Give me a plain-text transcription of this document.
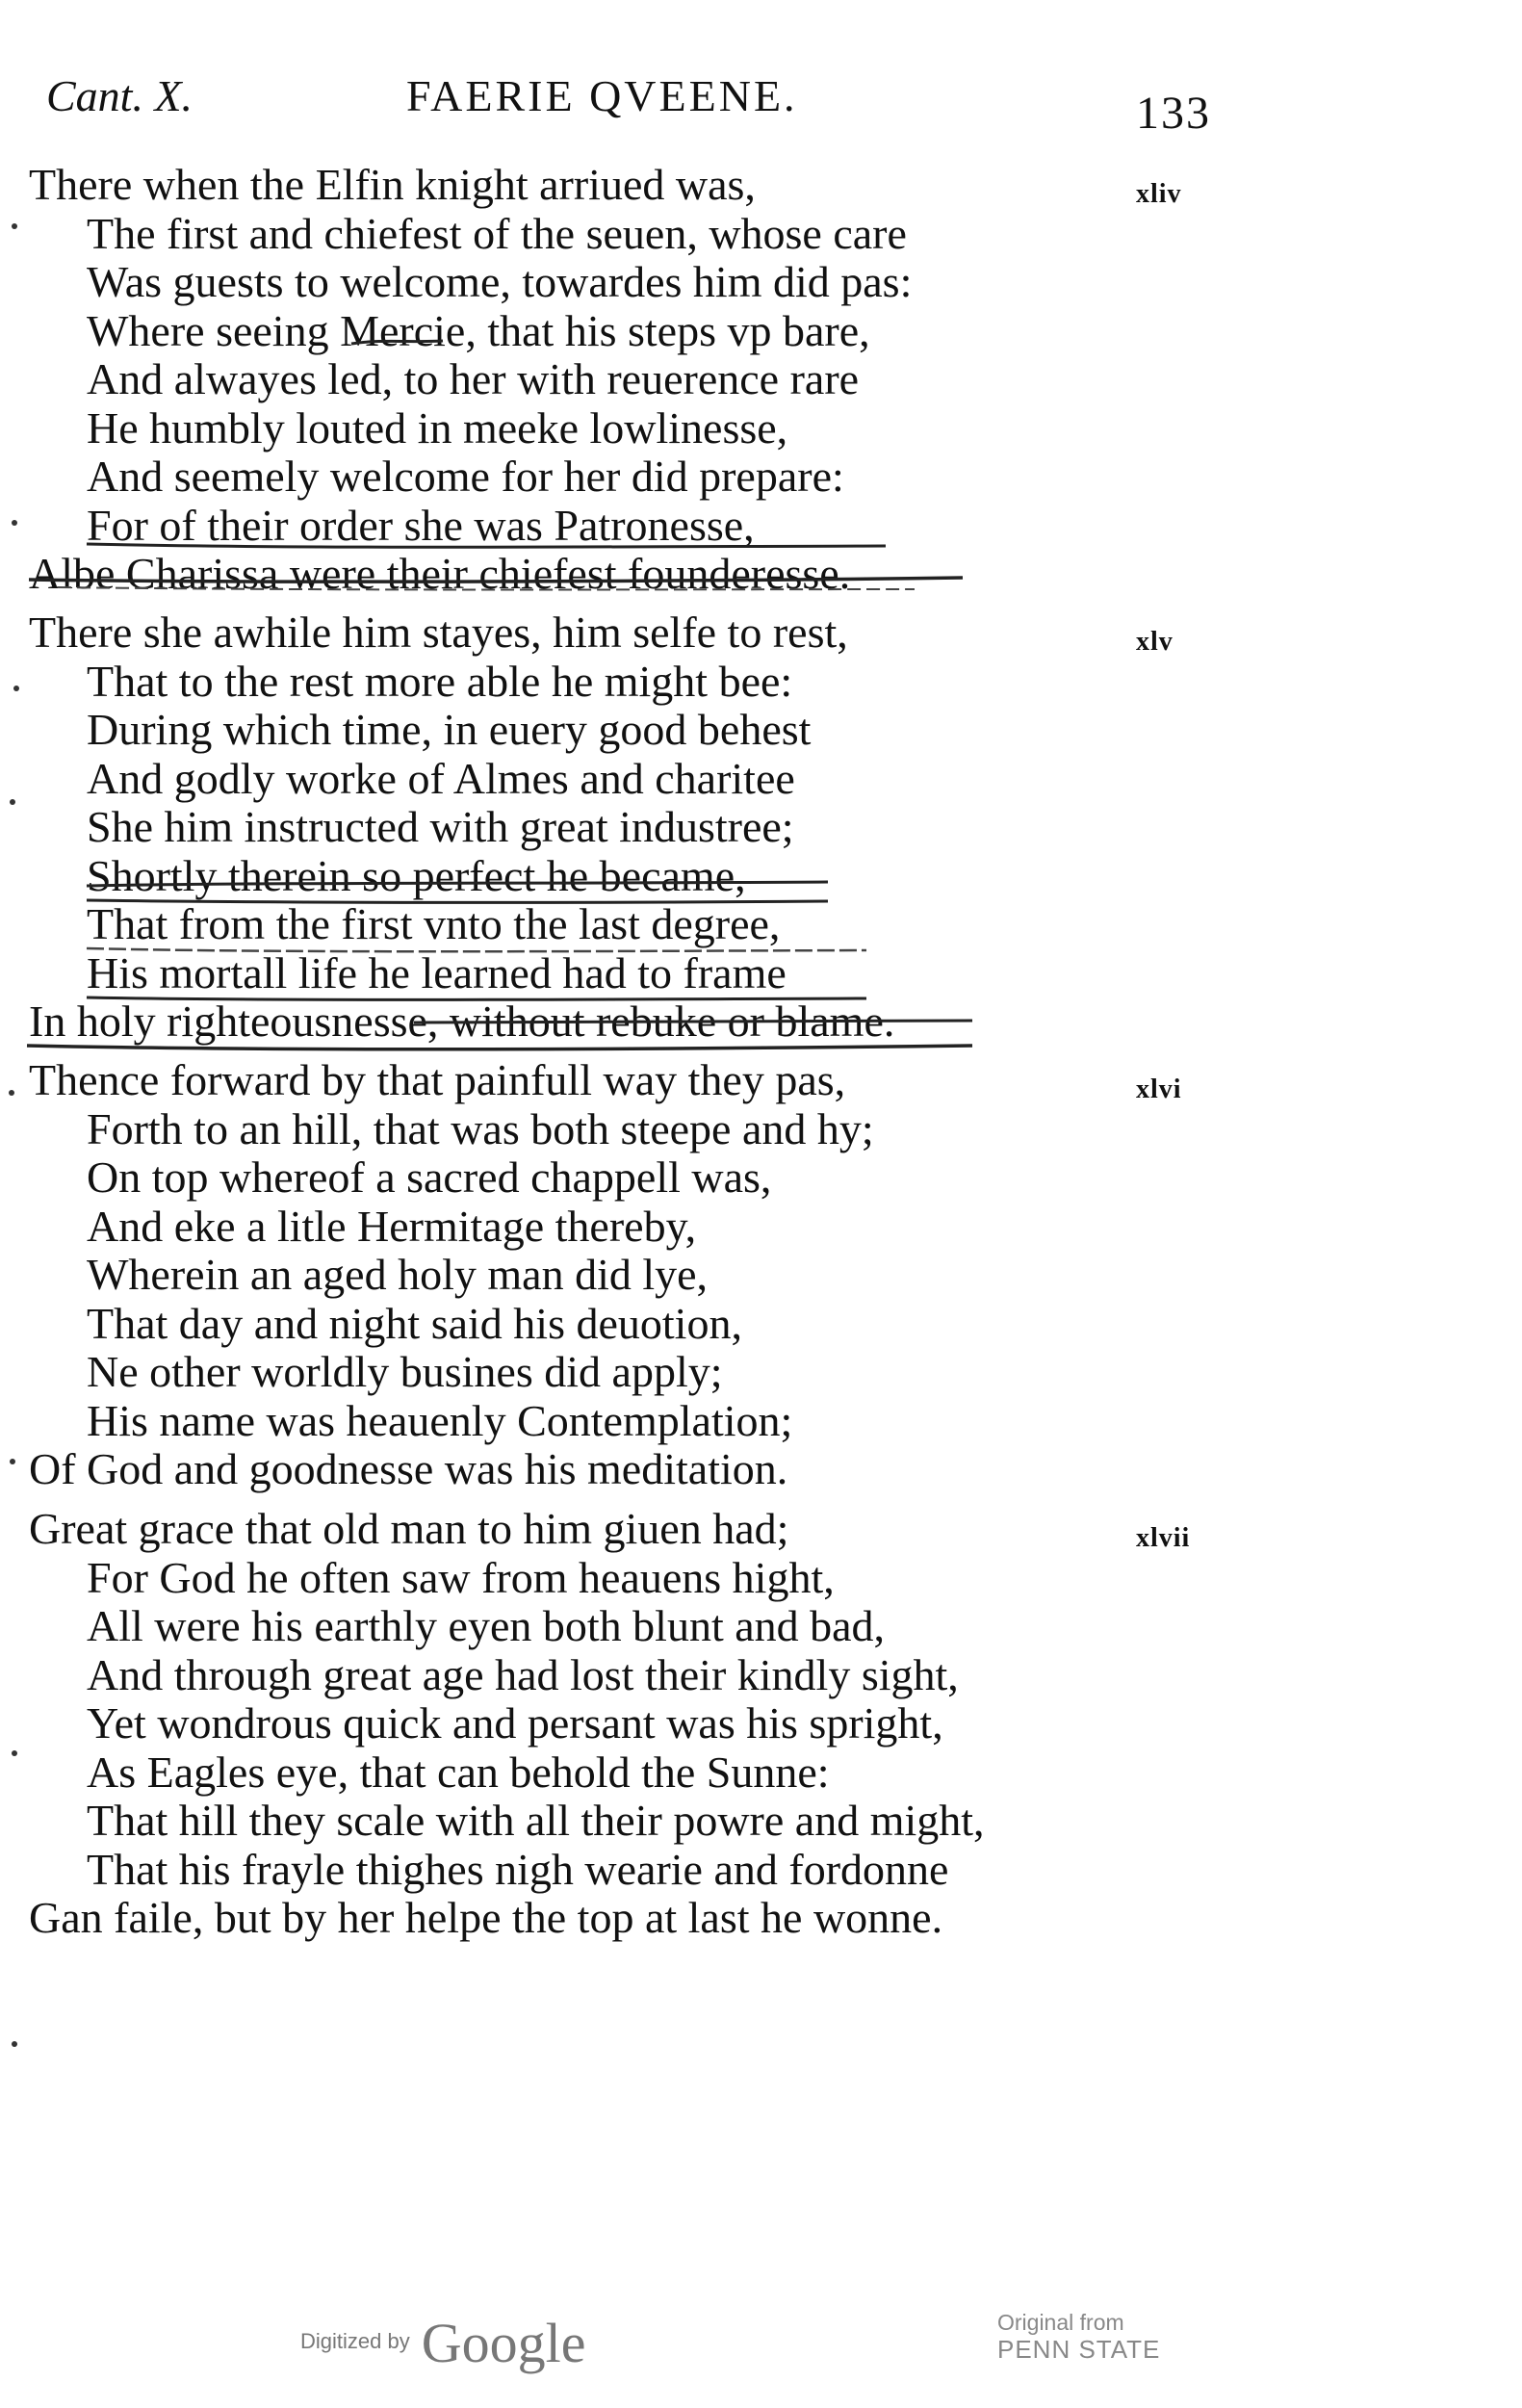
Cant. X.	FAERIE QVEENE.	133
There when the Elfin knight arriued was,
The first and chiefest of the seuen, whose care
Was guests to welcome, towardes him did pas:
Where seeing Mercie, that his steps vp bare,
And alwayes led, to her with reuerence rare
He humbly louted in meeke lowlinesse,
And seemely welcome for her did prepare:
For of their order she was Patronesse,
Albe Charissa were their chiefest founderesse.
xliv
There she awhile him stayes, him selfe to rest,
That to the rest more able he might bee:
During which time, in euery good behest
And godly worke of Almes and charitee
She him instructed with great industree;
Shortly therein so perfect he became,
That from the first vnto the last degree,
His mortall life he learned had to frame
In holy righteousnesse, without rebuke or blame.
xlv
Thence forward by that painfull way they pas,
Forth to an hill, that was both steepe and hy;
On top whereof a sacred chappell was,
And eke a litle Hermitage thereby,
Wherein an aged holy man did lye,
That day and night said his deuotion,
Ne other worldly busines did apply;
His name was heauenly Contemplation;
Of God and goodnesse was his meditation.
xlvi
Great grace that old man to him giuen had;
For God he often saw from heauens hight,
All were his earthly eyen both blunt and bad,
And through great age had lost their kindly sight,
Yet wondrous quick and persant was his spright,
As Eagles eye, that can behold the Sunne:
That hill they scale with all their powre and might,
That his frayle thighes nigh wearie and fordonne
Gan faile, but by her helpe the top at last he wonne.
xlvii
Digitized by Google	Original from
PENN STATE
